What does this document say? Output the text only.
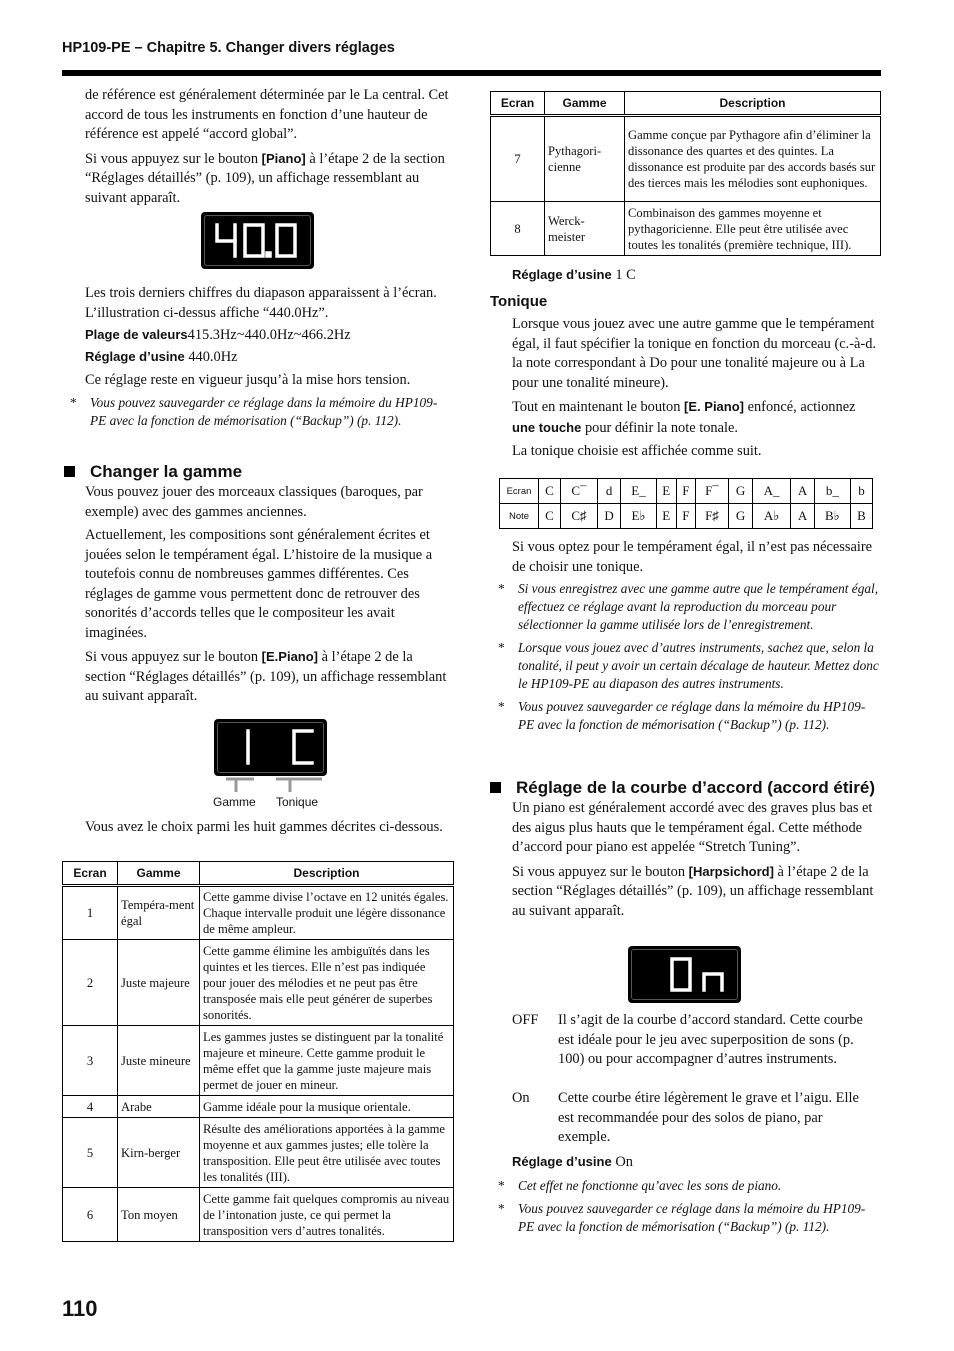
HP109-PE – Chapitre 5. Changer divers réglages

de référence est généralement déterminée par le La central. Cet accord de tous les instruments en fonction d’une hauteur de référence est appelé “accord global”.

Si vous appuyez sur le bouton [Piano] à l’étape 2 de la section “Réglages détaillés” (p. 109), un affichage ressemblant au suivant apparaît.

Les trois derniers chiffres du diapason apparaissent à l’écran. L’illustration ci-dessus affiche “440.0Hz”.

Plage de valeurs415.3Hz~440.0Hz~466.2Hz
Réglage d’usine 440.0Hz

Ce réglage reste en vigueur jusqu’à la mise hors tension.

* Vous pouvez sauvegarder ce réglage dans la mémoire du HP109-PE avec la fonction de mémorisation (“Backup”) (p. 112).
Changer la gamme

Vous pouvez jouer des morceaux classiques (baroques, par exemple) avec des gammes anciennes.

Actuellement, les compositions sont généralement écrites et jouées selon le tempérament égal. L’histoire de la musique a toutefois connu de nombreuses gammes différentes. Ces réglages de gamme vous permettent donc de retrouver des sonorités d’accords telles que le compositeur les avait imaginées.

Si vous appuyez sur le bouton [E.Piano] à l’étape 2 de la section “Réglages détaillés” (p. 109), un affichage ressemblant au suivant apparaît.

Gamme Tonique

Vous avez le choix parmi les huit gammes décrites ci-dessous.

Ecran	Gamme	Description
1	Tempéra-ment égal	Cette gamme divise l’octave en 12 unités égales. Chaque intervalle produit une légère dissonance de même ampleur.
2	Juste majeure	Cette gamme élimine les ambiguïtés dans les quintes et les tierces. Elle n’est pas indiquée pour jouer des mélodies et ne peut pas être transposée mais elle peut générer de superbes sonorités.
3	Juste mineure	Les gammes justes se distinguent par la tonalité majeure et mineure. Cette gamme produit le même effet que la gamme juste majeure mais permet de jouer en mineur.
4	Arabe	Gamme idéale pour la musique orientale.
5	Kirn-berger	Résulte des améliorations apportées à la gamme moyenne et aux gammes justes; elle tolère la transposition. Elle peut être utilisée avec toutes les tonalités (III).
6	Ton moyen	Cette gamme fait quelques compromis au niveau de l’intonation juste, ce qui permet la transposition vers d’autres tonalités.
Ecran	Gamme	Description
7	Pythagori-cienne	Gamme conçue par Pythagore afin d’éliminer la dissonance des quartes et des quintes. La dissonance est produite par des accords basés sur des tierces mais les mélodies sont euphoniques.
8	Werck-meister	Combinaison des gammes moyenne et pythagoricienne. Elle peut être utilisée avec toutes les tonalités (première technique, III).
Réglage d’usine 1 C
Tonique

Lorsque vous jouez avec une autre gamme que le tempérament égal, il faut spécifier la tonique en fonction du morceau (c.-à-d. la note correspondant à Do pour une tonalité majeure ou à La pour une tonalité mineure).

Tout en maintenant le bouton [E. Piano] enfoncé, actionnez une touche pour définir la note tonale.

La tonique choisie est affichée comme suit.

Ecran	C	C¯	d	E_	E	F	F¯	G	A_	A	b_	b
Note	C	C♯	D	E♭	E	F	F♯	G	A♭	A	B♭	B

Si vous optez pour le tempérament égal, il n’est pas nécessaire de choisir une tonique.

* Si vous enregistrez avec une gamme autre que le tempérament égal, effectuez ce réglage avant la reproduction du morceau pour sélectionner la gamme utilisée lors de l’enregistrement.
* Lorsque vous jouez avec d’autres instruments, sachez que, selon la tonalité, il peut y avoir un certain décalage de hauteur. Mettez donc le HP109-PE au diapason des autres instruments.
* Vous pouvez sauvegarder ce réglage dans la mémoire du HP109-PE avec la fonction de mémorisation (“Backup”) (p. 112).
Réglage de la courbe d’accord (accord étiré)

Un piano est généralement accordé avec des graves plus bas et des aigus plus hauts que le tempérament égal. Cette méthode d’accord pour piano est appelée “Stretch Tuning”.

Si vous appuyez sur le bouton [Harpsichord] à l’étape 2 de la section “Réglages détaillés” (p. 109), un affichage ressemblant au suivant apparaît.

OFF Il s’agit de la courbe d’accord standard. Cette courbe est idéale pour le jeu avec superposition de sons (p. 100) ou pour accompagner d’autres instruments.
On Cette courbe étire légèrement le grave et l’aigu. Elle est recommandée pour des solos de piano, par exemple.
Réglage d’usine On
* Cet effet ne fonctionne qu’avec les sons de piano.
* Vous pouvez sauvegarder ce réglage dans la mémoire du HP109-PE avec la fonction de mémorisation (“Backup”) (p. 112).
110
